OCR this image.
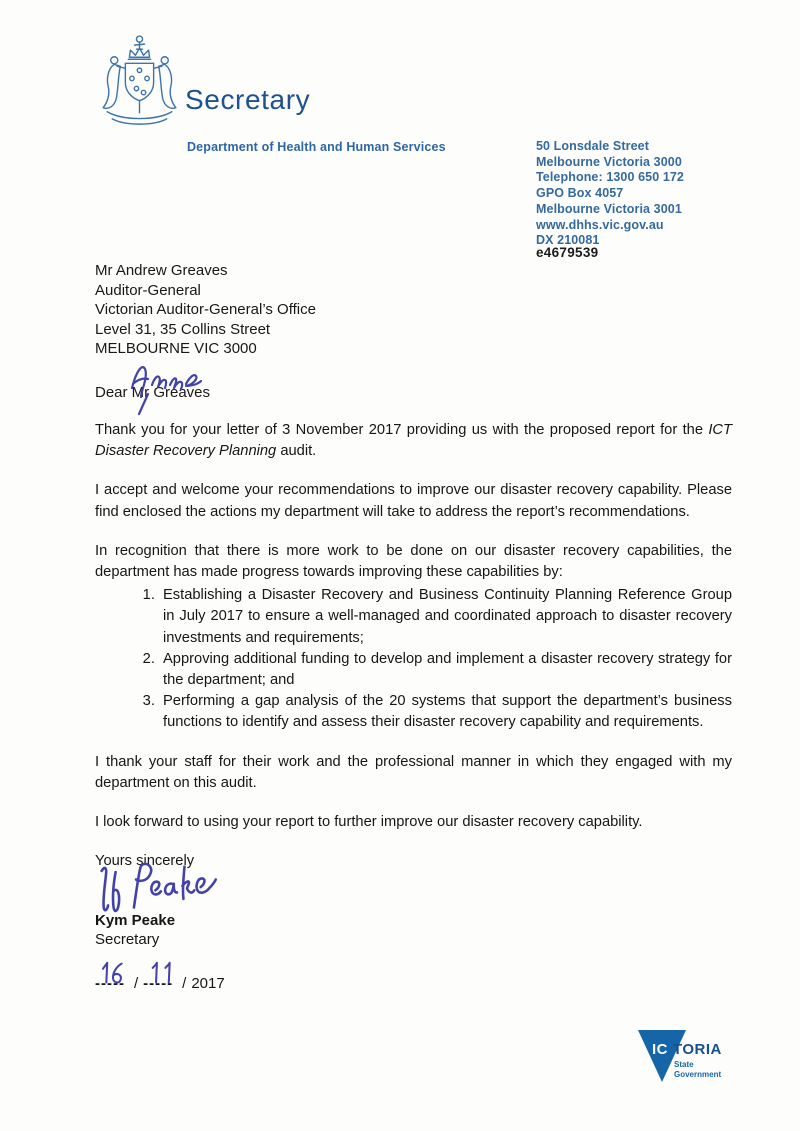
Secretary
Department of Health and Human Services	50 Lonsdale Street
Melbourne Victoria 3000
Telephone: 1300 650 172
GPO Box 4057
Melbourne Victoria 3001
www.dhhs.vic.gov.au
DX 210081
e4679539
Mr Andrew Greaves
Auditor-General
Victorian Auditor-General’s Office
Level 31, 35 Collins Street
MELBOURNE VIC 3000
Dear Mr Greaves

Thank you for your letter of 3 November 2017 providing us with the proposed report for the ICT Disaster Recovery Planning audit.

I accept and welcome your recommendations to improve our disaster recovery capability. Please find enclosed the actions my department will take to address the report’s recommendations.

In recognition that there is more work to be done on our disaster recovery capabilities, the department has made progress towards improving these capabilities by:

1. Establishing a Disaster Recovery and Business Continuity Planning Reference Group in July 2017 to ensure a well-managed and coordinated approach to disaster recovery investments and requirements;
2. Approving additional funding to develop and implement a disaster recovery strategy for the department; and
3. Performing a gap analysis of the 20 systems that support the department’s business functions to identify and assess their disaster recovery capability and requirements.

I thank your staff for their work and the professional manner in which they engaged with my department on this audit.

I look forward to using your report to further improve our disaster recovery capability.

Yours sincerely

Kym Peake
Secretary
----- / ----- / 2017
IC TORIA
State
Government
